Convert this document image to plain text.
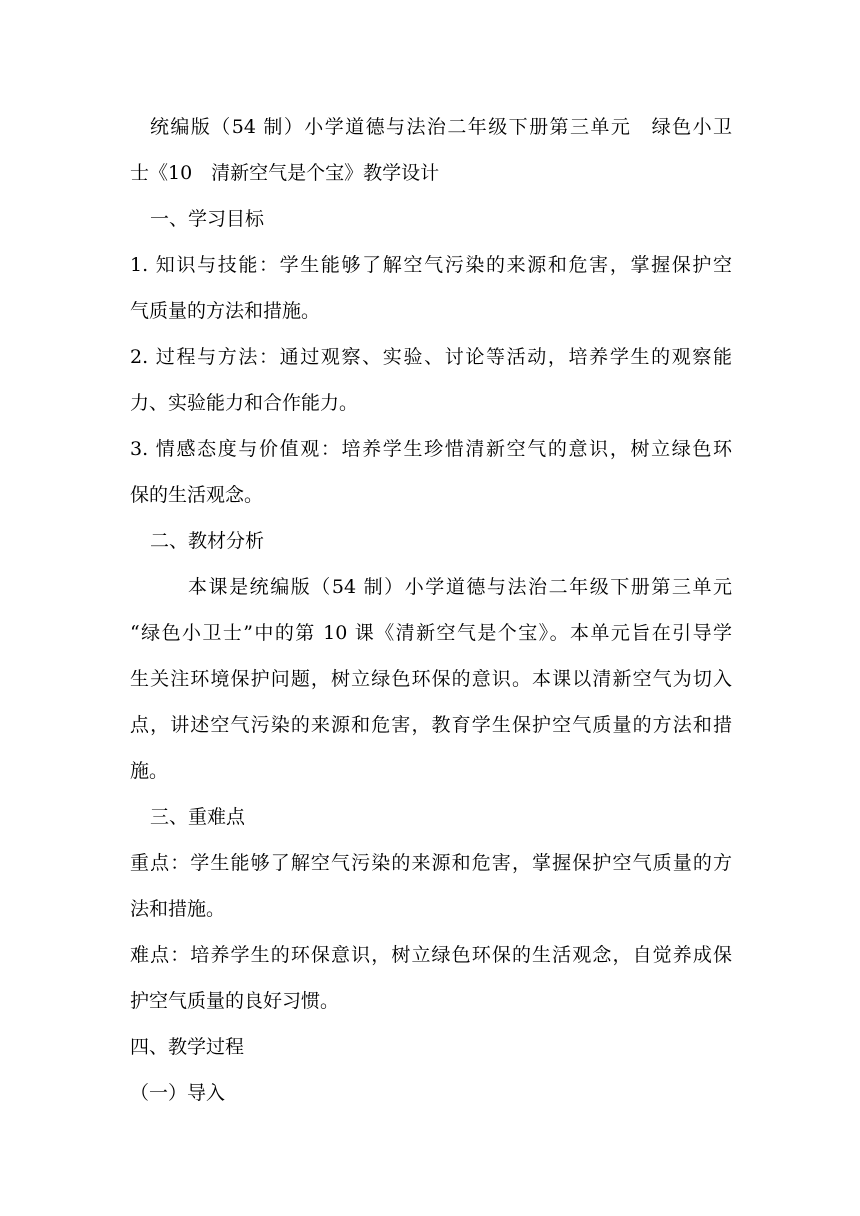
统编版（54 制）小学道德与法治二年级下册第三单元　绿色小卫
士《10　清新空气是个宝》教学设计
一、学习目标
1. 知识与技能：学生能够了解空气污染的来源和危害，掌握保护空
气质量的方法和措施。
2. 过程与方法：通过观察、实验、讨论等活动，培养学生的观察能
力、实验能力和合作能力。
3. 情感态度与价值观：培养学生珍惜清新空气的意识，树立绿色环
保的生活观念。
二、教材分析
本课是统编版（54 制）小学道德与法治二年级下册第三单元
“绿色小卫士”中的第 10 课《清新空气是个宝》。本单元旨在引导学
生关注环境保护问题，树立绿色环保的意识。本课以清新空气为切入
点，讲述空气污染的来源和危害，教育学生保护空气质量的方法和措
施。
三、重难点
重点：学生能够了解空气污染的来源和危害，掌握保护空气质量的方
法和措施。
难点：培养学生的环保意识，树立绿色环保的生活观念，自觉养成保
护空气质量的良好习惯。
四、教学过程
（一）导入
